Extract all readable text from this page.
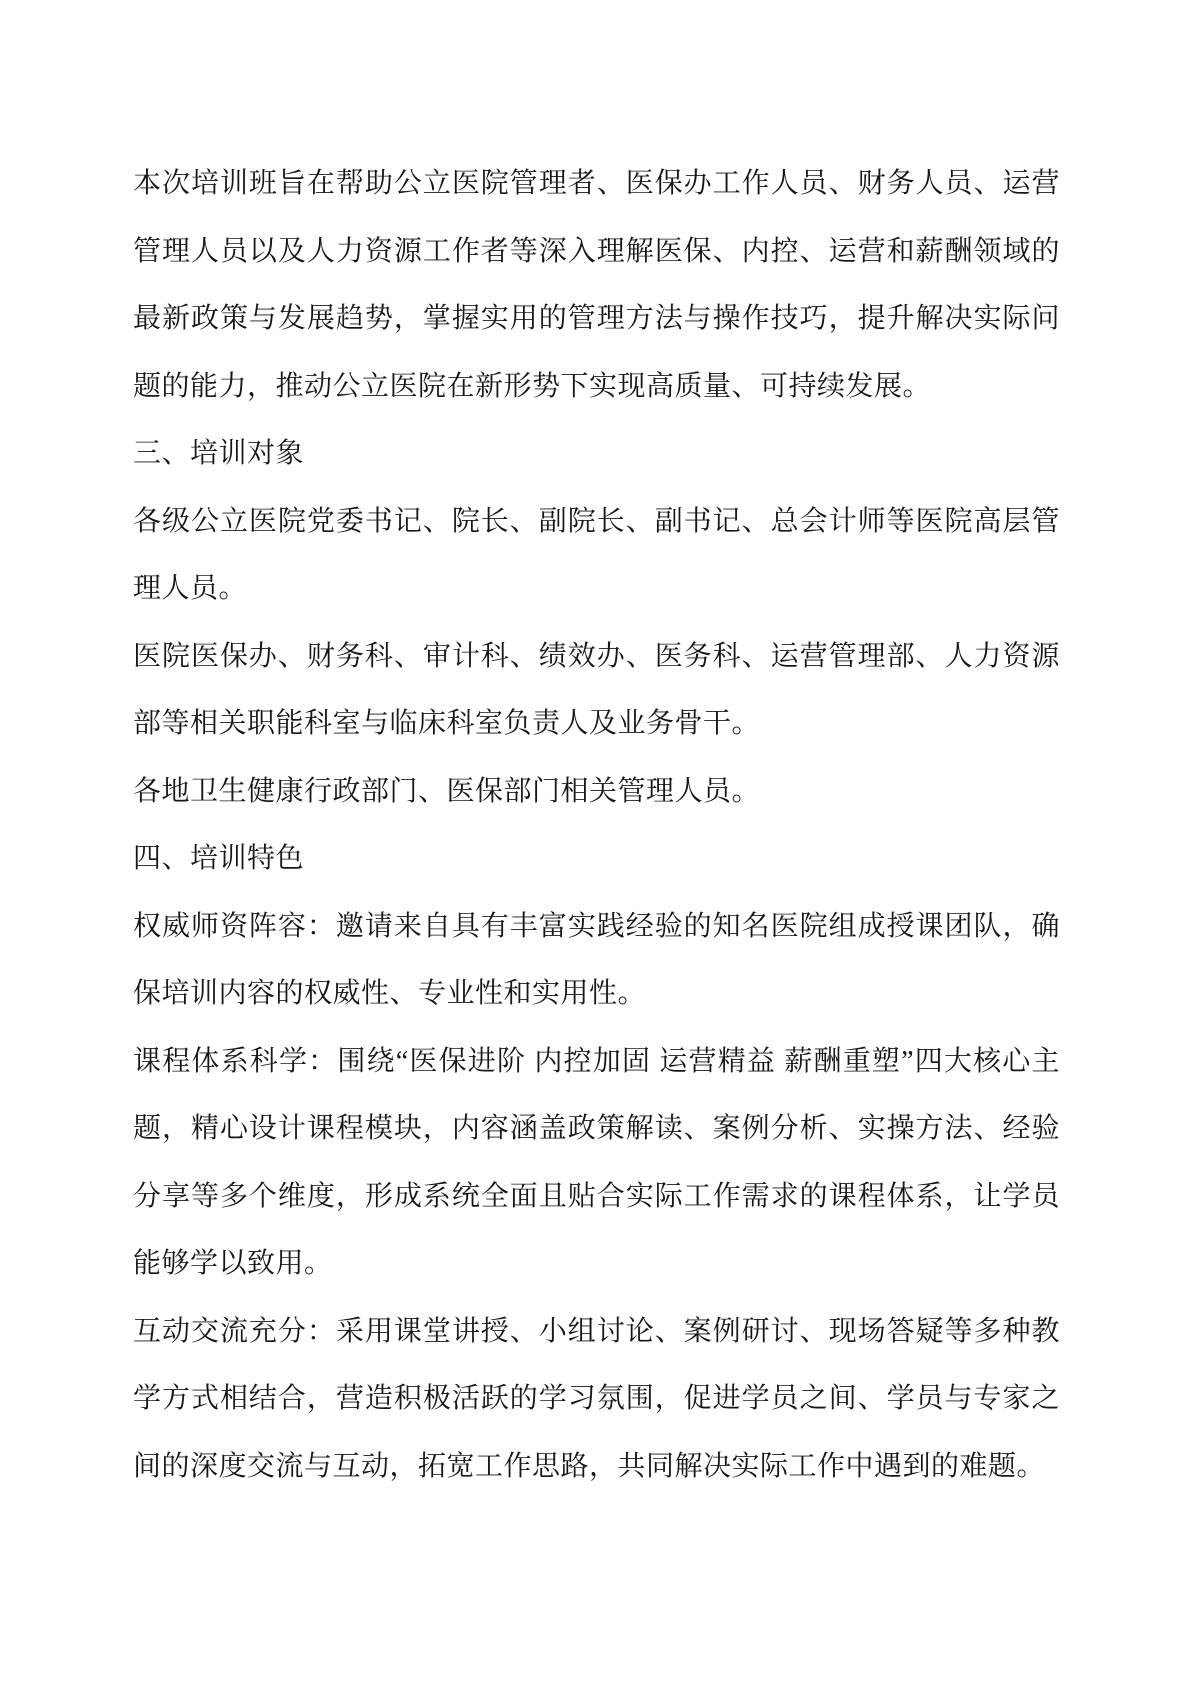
本次培训班旨在帮助公立医院管理者、医保办工作人员、财务人员、运营管理人员以及人力资源工作者等深入理解医保、内控、运营和薪酬领域的最新政策与发展趋势，掌握实用的管理方法与操作技巧，提升解决实际问题的能力，推动公立医院在新形势下实现高质量、可持续发展。

三、培训对象

各级公立医院党委书记、院长、副院长、副书记、总会计师等医院高层管理人员。

医院医保办、财务科、审计科、绩效办、医务科、运营管理部、人力资源部等相关职能科室与临床科室负责人及业务骨干。

各地卫生健康行政部门、医保部门相关管理人员。

四、培训特色

权威师资阵容：邀请来自具有丰富实践经验的知名医院组成授课团队，确保培训内容的权威性、专业性和实用性。

课程体系科学：围绕“医保进阶 内控加固 运营精益 薪酬重塑”四大核心主题，精心设计课程模块，内容涵盖政策解读、案例分析、实操方法、经验分享等多个维度，形成系统全面且贴合实际工作需求的课程体系，让学员能够学以致用。

互动交流充分：采用课堂讲授、小组讨论、案例研讨、现场答疑等多种教学方式相结合，营造积极活跃的学习氛围，促进学员之间、学员与专家之间的深度交流与互动，拓宽工作思路，共同解决实际工作中遇到的难题。
